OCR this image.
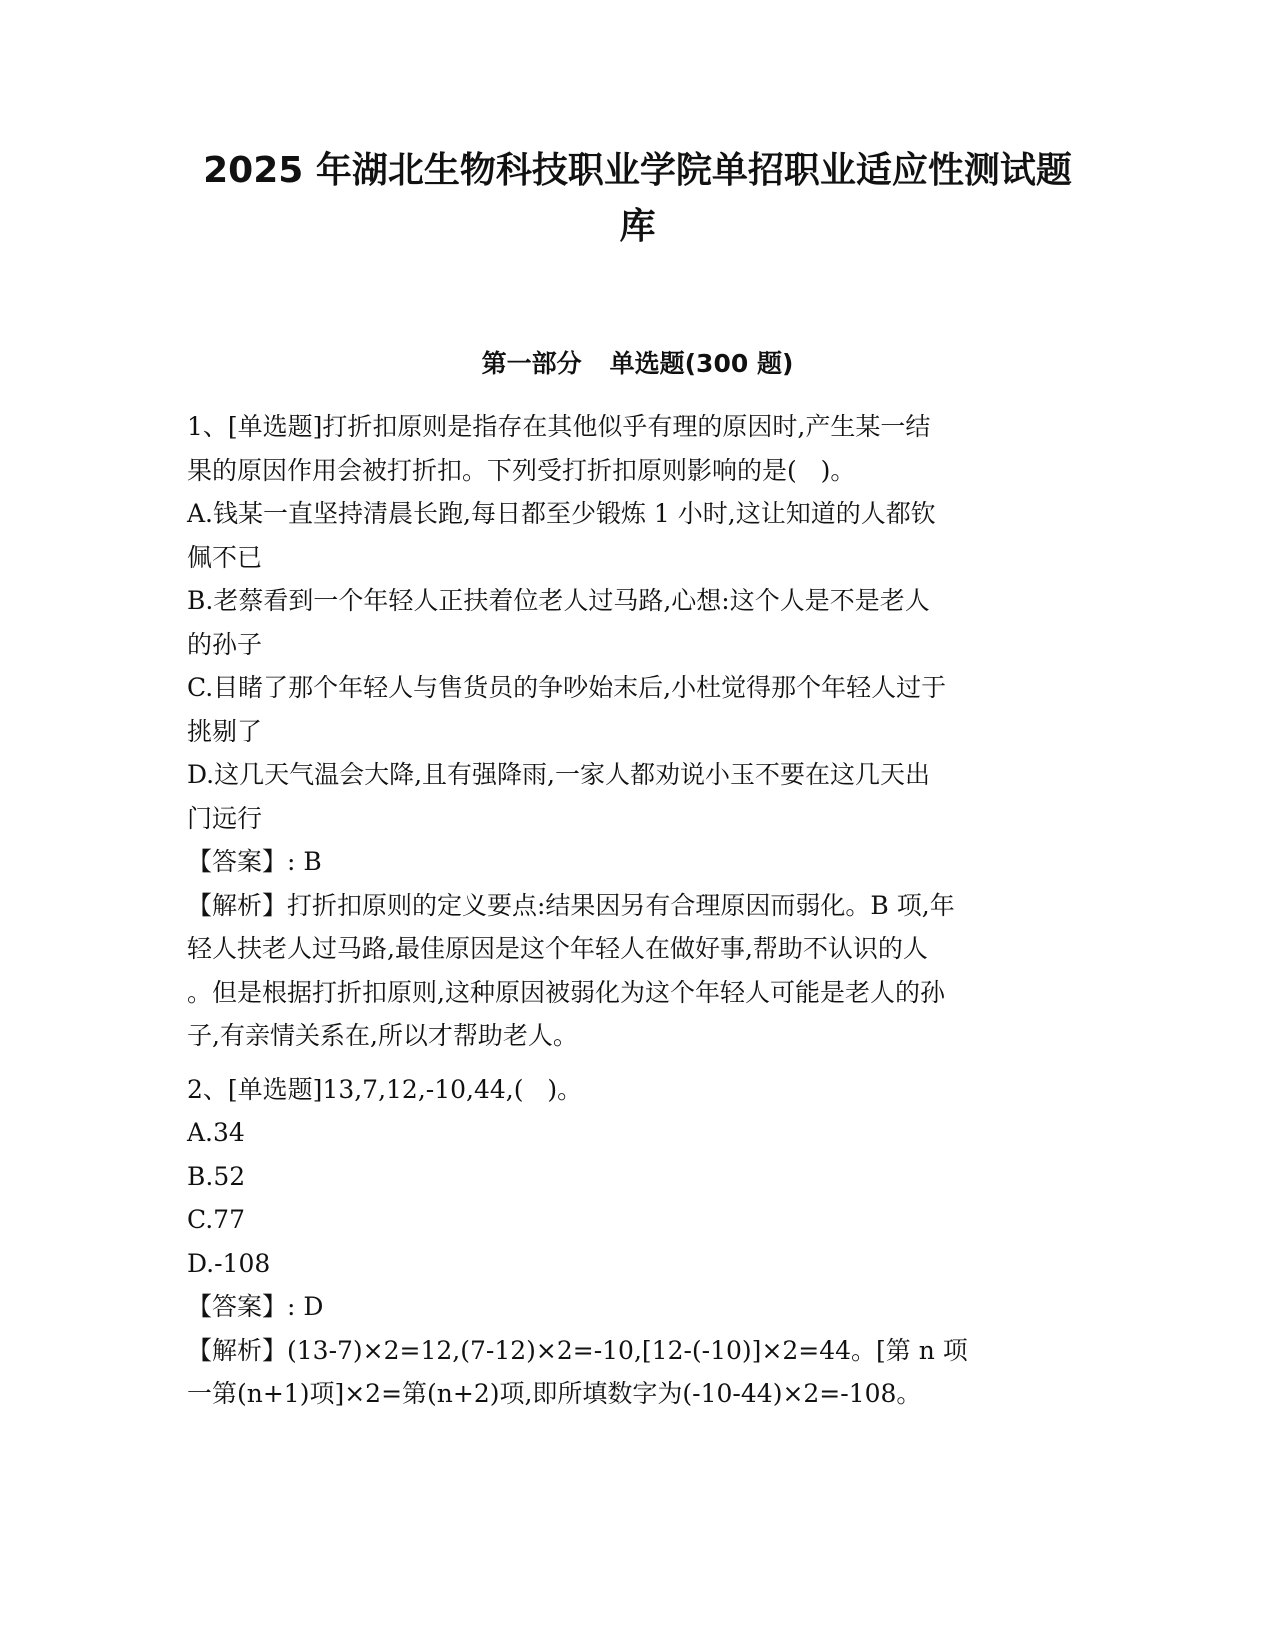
2025 年湖北生物科技职业学院单招职业适应性测试题
库
第一部分 单选题(300 题)

1、[单选题]打折扣原则是指存在其他似乎有理的原因时,产生某一结

果的原因作用会被打折扣。下列受打折扣原则影响的是(   )。

A.钱某一直坚持清晨长跑,每日都至少锻炼 1 小时,这让知道的人都钦

佩不已

B.老蔡看到一个年轻人正扶着位老人过马路,心想:这个人是不是老人

的孙子

C.目睹了那个年轻人与售货员的争吵始末后,小杜觉得那个年轻人过于

挑剔了

D.这几天气温会大降,且有强降雨,一家人都劝说小玉不要在这几天出

门远行

【答案】: B

【解析】打折扣原则的定义要点:结果因另有合理原因而弱化。B 项,年

轻人扶老人过马路,最佳原因是这个年轻人在做好事,帮助不认识的人

。但是根据打折扣原则,这种原因被弱化为这个年轻人可能是老人的孙

子,有亲情关系在,所以才帮助老人。

2、[单选题]13,7,12,-10,44,(   )。

A.34

B.52

C.77

D.-108

【答案】: D

【解析】(13-7)×2=12,(7-12)×2=-10,[12-(-10)]×2=44。[第 n 项

一第(n+1)项]×2=第(n+2)项,即所填数字为(-10-44)×2=-108。
